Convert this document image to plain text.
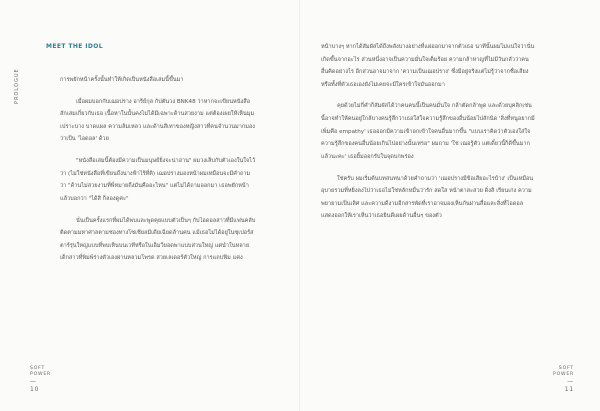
PROLOGUE
MEET THE IDOL

การพยักหน้าครั้งนั้นทำให้เกิดเป็นหนังสือเล่มนี้ขึ้นมา

เมื่อผมบอกกับเฌอปราง อารีย์กุล กัปตันวง BNK48 ว่าหากจะเขียนหนังสือสักเล่มเกี่ยวกับเธอ เนื้อหาในนั้นคงไม่ได้มีเฉพาะด้านสวยงาม แต่ต้องเผยให้เห็นมุมเปราะบาง บาดแผล ความล้มเหลว และด้านสีเทาของหญิงสาวที่คนจำนวนมากมองว่าเป็น 'ไอดอล' ด้วย

"หนังสือเล่มนี้ต้องมีความเป็นมนุษย์ยิ่งจะน่าอ่าน" ผมวงเล็บกับตัวเองในใจไว้ว่า (ไม่ใช่หนังสือที่เขียนถึงนางฟ้าไร้ที่ติ) เฌอปรางมองหน้าผมเหมือนจะมีคำถามว่า "ด้านไม่สวยงามที่พี่หมายถึงมันคืออะไหน" แต่ไม่ได้ถามออกมา เธอพยักหน้าแล้วบอกว่า "ได้สิ ก็ลองดูค่ะ"

นั่นเป็นครั้งแรกที่ผมได้พบและพูดคุยแบบตัวเป็นๆ กับไอดอลสาวที่มีแฟนคลับติดตามมหาศาลตามช่องทางโซเชียลมีเดียเฉียดล้านคน แม้เธอไม่ได้อยู่ในซุเปอร์สตาร์รุ่นใหญ่แบบที่พบเห็นบนเวทีหรือในเอ็มวียอดพาแบบส่วนใหญ่ แต่นำในหลายเด็กสาวที่พิมพ์ร่างตัวเองผ่านหลวมโพรด สวยเลเดอร์ตัวใหญ่ การแถบฟิม แค่ง

SOFT
POWER
—
10

หน้าบางๆ หากได้สัมผัสได้ถึงพลังบางอย่างที่แผ่ออกมาจากตัวเธอ นาทีนั้นผมไม่แน่ใจว่านั่นเกิดขึ้นจากอะไร ส่วนหนึ่งอาจเป็นความมั่นใจเต็มร้อย ความกล้าหาญที่ไม่มีวันกลัวว่าคนอื่นคิดอย่างไร อีกส่วนอาจมาจาก 'ความเป็นเฌอปราง' ซึ่งมีอยู่จริงแต่ไม่รู้ว่าจากชื่อเสียง หรือทั้งที่ตัวเธอเองยังไม่เคยจะมีใครเข้าใจมันออกมา

คุยด้วยไม่กี่คำก็สัมผัสได้ว่าคนคนนี้เป็นคนมั่นใจ กล้าตัดกล้าพูด และด้วยบุคลิกเช่นนี้อาจทำให้คนอยู่ใกล้บางคนรู้สึกว่าเธอใส่ใจความรู้สึกของอื่นน้อยไปสักนิด 'สิ่งที่หนูอยากมีเพิ่มคือ empathy' เธอออกมีความเข้าอกเข้าใจคนอื่นมากขึ้น "แบบเราคิดว่าตัวเองใส่ใจความรู้สึกของคนอื่นน้อยเกินไปอย่างนั้นเหรอ" ผมถาม 'ใช่ เฌอรู้ตัว แต่เดี๋ยวนี้ก็ดีขึ้นมากแล้วนะคะ' เธอยิ้มออกรับในจุดบกพร่อง

ใช่ครับ ผมเริ่มต้นบทสนทนาด้วยคำถามว่า 'เฌอปรางมีข้อเสียอะไรบ้าง' เป็นเหมือนอุบายรวมที่หยิ่งลงไปว่าเธอไม่ใช่หลักหมื่นว่ารัก สดใส หน้าตาสะสวย ดิ่งสิ เรียนเก่ง ความพยายามเป็นเลิศ และความดีงามอีกสารพัดที่เราอาจมองเห็นกันผ่านสื่อและสิ่งที่ไอดอลแสดงออกให้เราเห็นว่าเธอยินดีเผยด้านอื่นๆ ของตัว

SOFT
POWER
—
11
